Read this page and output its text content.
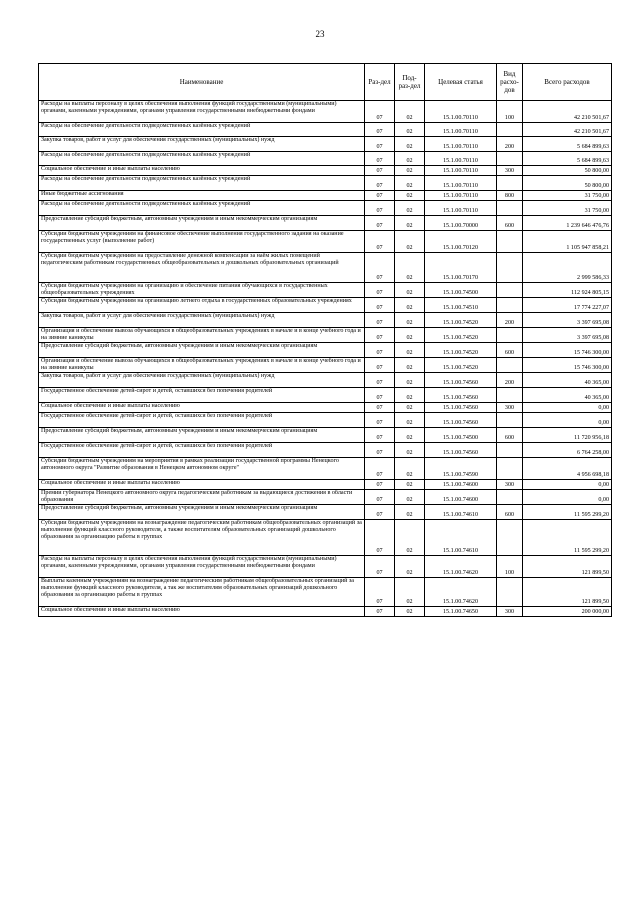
23
Наименование	Раз-дел	Под-раз-дел	Целевая статья	Вид расхо-дов	Всего расходов
Расходы на выплаты персоналу в целях обеспечения выполнения функций государственными (муниципальными) органами, казенными учреждениями, органами управления государственными внебюджетными фондами	07	02	15.1.00.70110	100	42 210 501,67
Расходы на обеспечение деятельности подведомственных казённых учреждений	07	02	15.1.00.70110		42 210 501,67
Закупка товаров, работ и услуг для обеспечения государственных (муниципальных) нужд	07	02	15.1.00.70110	200	5 684 899,63
Расходы на обеспечение деятельности подведомственных казённых учреждений	07	02	15.1.00.70110		5 684 899,63
Социальное обеспечение и иные выплаты населению	07	02	15.1.00.70110	300	50 800,00
Расходы на обеспечение деятельности подведомственных казённых учреждений	07	02	15.1.00.70110		50 800,00
Иные бюджетные ассигнования	07	02	15.1.00.70110	800	31 750,00
Расходы на обеспечение деятельности подведомственных казённых учреждений	07	02	15.1.00.70110		31 750,00
Предоставление субсидий бюджетным, автономным учреждениям и иным некоммерческим организациям	07	02	15.1.00.70000	600	1 239 646 476,76
Субсидии бюджетным учреждениям на финансовое обеспечение выполнения государственного задания на оказание государственных услуг (выполнение работ)	07	02	15.1.00.70120		1 105 947 858,21
Субсидии бюджетным учреждениям на предоставление денежной компенсации за наём жилых помещений педагогическим работникам государственных общеобразовательных и дошкольных образовательных организаций	07	02	15.1.00.70170		2 999 586,33
Субсидии бюджетным учреждениям на организацию и обеспечение питания обучающихся в государственных общеобразовательных учреждениях	07	02	15.1.00.74500		112 924 805,15
Субсидии бюджетным учреждениям на организацию летнего отдыха в государственных образовательных учреждениях	07	02	15.1.00.74510		17 774 227,07
Закупка товаров, работ и услуг для обеспечения государственных (муниципальных) нужд	07	02	15.1.00.74520	200	3 397 695,08
Организация и обеспечение вывоза обучающихся в общеобразовательных учреждениях в начале и в конце учебного года и на зимние каникулы	07	02	15.1.00.74520		3 397 695,08
Предоставление субсидий бюджетным, автономным учреждениям и иным некоммерческим организациям	07	02	15.1.00.74520	600	15 746 300,00
Организация и обеспечение вывоза обучающихся в общеобразовательных учреждениях в начале и в конце учебного года и на зимние каникулы	07	02	15.1.00.74520		15 746 300,00
Закупка товаров, работ и услуг для обеспечения государственных (муниципальных) нужд	07	02	15.1.00.74560	200	40 365,00
Государственное обеспечение детей-сирот и детей, оставшихся без попечения родителей	07	02	15.1.00.74560		40 365,00
Социальное обеспечение и иные выплаты населению	07	02	15.1.00.74560	300	0,00
Государственное обеспечение детей-сирот и детей, оставшихся без попечения родителей	07	02	15.1.00.74560		0,00
Предоставление субсидий бюджетным, автономным учреждениям и иным некоммерческим организациям	07	02	15.1.00.74500	600	11 720 956,18
Государственное обеспечение детей-сирот и детей, оставшихся без попечения родителей	07	02	15.1.00.74560		6 764 258,00
Субсидии бюджетным учреждениям на мероприятия в рамках реализации государственной программы Ненецкого автономного округа "Развитие образования в Ненецком автономном округе"	07	02	15.1.00.74590		4 956 698,18
Социальное обеспечение и иные выплаты населению	07	02	15.1.00.74600	300	0,00
Премии губернатора Ненецкого автономного округа педагогическим работникам за выдающиеся достижения в области образования	07	02	15.1.00.74600		0,00
Предоставление субсидий бюджетным, автономным учреждениям и иным некоммерческим организациям	07	02	15.1.00.74610	600	11 595 299,20
Субсидии бюджетным учреждениям на вознаграждение педагогическим работникам общеобразовательных организаций за выполнение функций классного руководителя, а также воспитателям образовательных организаций дошкольного образования за организацию работы в группах	07	02	15.1.00.74610		11 595 299,20
Расходы на выплаты персоналу в целях обеспечения выполнения функций государственными (муниципальными) органами, казенными учреждениями, органами управления государственными внебюджетными фондами	07	02	15.1.00.74620	100	121 899,50
Выплаты казенным учреждениям на вознаграждение педагогическим работникам общеобразовательных организаций за выполнение функций классного руководителя, а так же воспитателям образовательных организаций дошкольного образования за организацию работы в группах	07	02	15.1.00.74620		121 899,50
Социальное обеспечение и иные выплаты населению	07	02	15.1.00.74650	300	200 000,00
